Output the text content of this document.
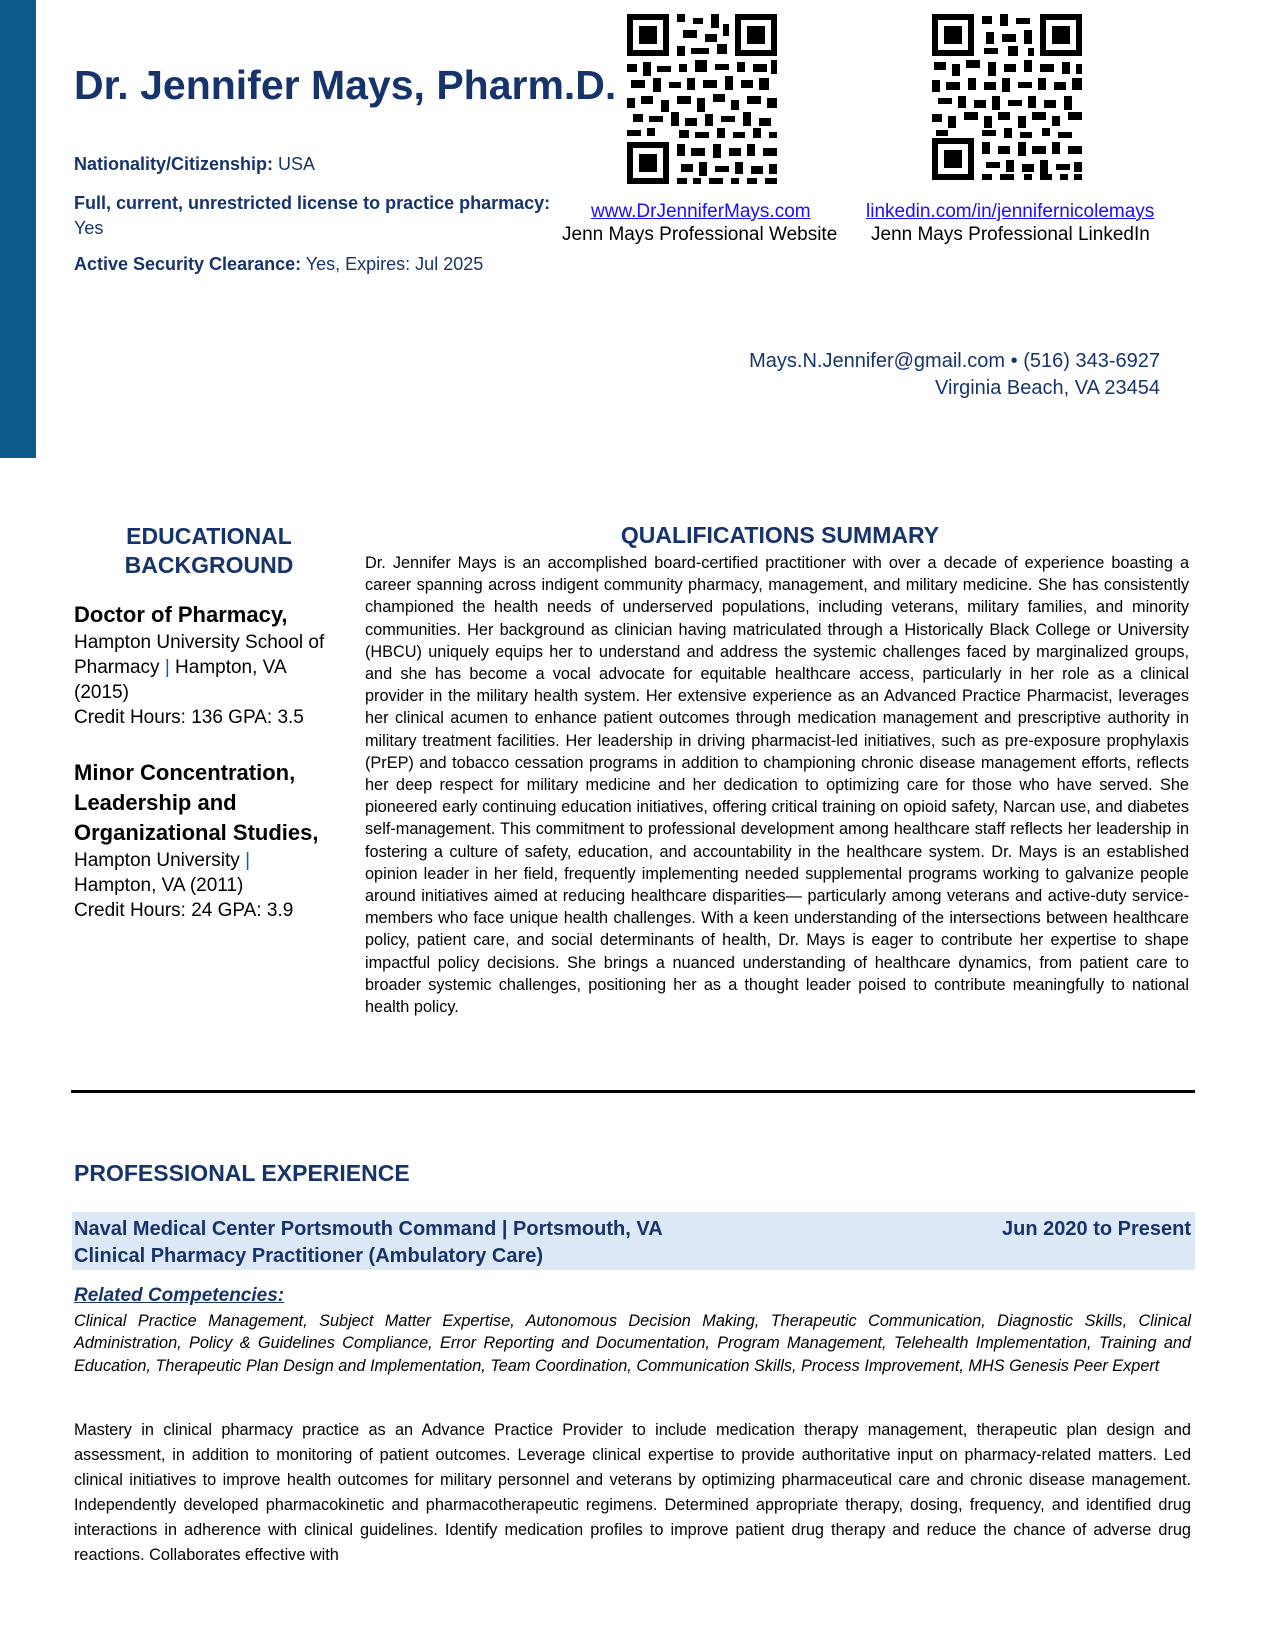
Dr. Jennifer Mays, Pharm.D.
Nationality/Citizenship: USA
Full, current, unrestricted license to practice pharmacy:
Yes
Active Security Clearance: Yes, Expires: Jul 2025
www.DrJenniferMays.com
Jenn Mays Professional Website
linkedin.com/in/jennifernicolemays
Jenn Mays Professional LinkedIn
Mays.N.Jennifer@gmail.com • (516) 343-6927
Virginia Beach, VA 23454
EDUCATIONAL
BACKGROUND
Doctor of Pharmacy,
Hampton University School of Pharmacy | Hampton, VA (2015)
Credit Hours: 136 GPA: 3.5
Minor Concentration, Leadership and Organizational Studies, Hampton University | Hampton, VA (2011)
Credit Hours: 24 GPA: 3.9
QUALIFICATIONS SUMMARY
Dr. Jennifer Mays is an accomplished board-certified practitioner with over a decade of experience boasting a career spanning across indigent community pharmacy, management, and military medicine. She has consistently championed the health needs of underserved populations, including veterans, military families, and minority communities. Her background as clinician having matriculated through a Historically Black College or University (HBCU) uniquely equips her to understand and address the systemic challenges faced by marginalized groups, and she has become a vocal advocate for equitable healthcare access, particularly in her role as a clinical provider in the military health system. Her extensive experience as an Advanced Practice Pharmacist, leverages her clinical acumen to enhance patient outcomes through medication management and prescriptive authority in military treatment facilities. Her leadership in driving pharmacist-led initiatives, such as pre-exposure prophylaxis (PrEP) and tobacco cessation programs in addition to championing chronic disease management efforts, reflects her deep respect for military medicine and her dedication to optimizing care for those who have served. She pioneered early continuing education initiatives, offering critical training on opioid safety, Narcan use, and diabetes self-management. This commitment to professional development among healthcare staff reflects her leadership in fostering a culture of safety, education, and accountability in the healthcare system. Dr. Mays is an established opinion leader in her field, frequently implementing needed supplemental programs working to galvanize people around initiatives aimed at reducing healthcare disparities— particularly among veterans and active-duty service-members who face unique health challenges. With a keen understanding of the intersections between healthcare policy, patient care, and social determinants of health, Dr. Mays is eager to contribute her expertise to shape impactful policy decisions. She brings a nuanced understanding of healthcare dynamics, from patient care to broader systemic challenges, positioning her as a thought leader poised to contribute meaningfully to national health policy.
PROFESSIONAL EXPERIENCE
Naval Medical Center Portsmouth Command | Portsmouth, VA
Clinical Pharmacy Practitioner (Ambulatory Care)
Jun 2020 to Present
Related Competencies:
Clinical Practice Management, Subject Matter Expertise, Autonomous Decision Making, Therapeutic Communication, Diagnostic Skills, Clinical Administration, Policy & Guidelines Compliance, Error Reporting and Documentation, Program Management, Telehealth Implementation, Training and Education, Therapeutic Plan Design and Implementation, Team Coordination, Communication Skills, Process Improvement, MHS Genesis Peer Expert
Mastery in clinical pharmacy practice as an Advance Practice Provider to include medication therapy management, therapeutic plan design and assessment, in addition to monitoring of patient outcomes. Leverage clinical expertise to provide authoritative input on pharmacy-related matters. Led clinical initiatives to improve health outcomes for military personnel and veterans by optimizing pharmaceutical care and chronic disease management. Independently developed pharmacokinetic and pharmacotherapeutic regimens. Determined appropriate therapy, dosing, frequency, and identified drug interactions in adherence with clinical guidelines. Identify medication profiles to improve patient drug therapy and reduce the chance of adverse drug reactions. Collaborates effective with
